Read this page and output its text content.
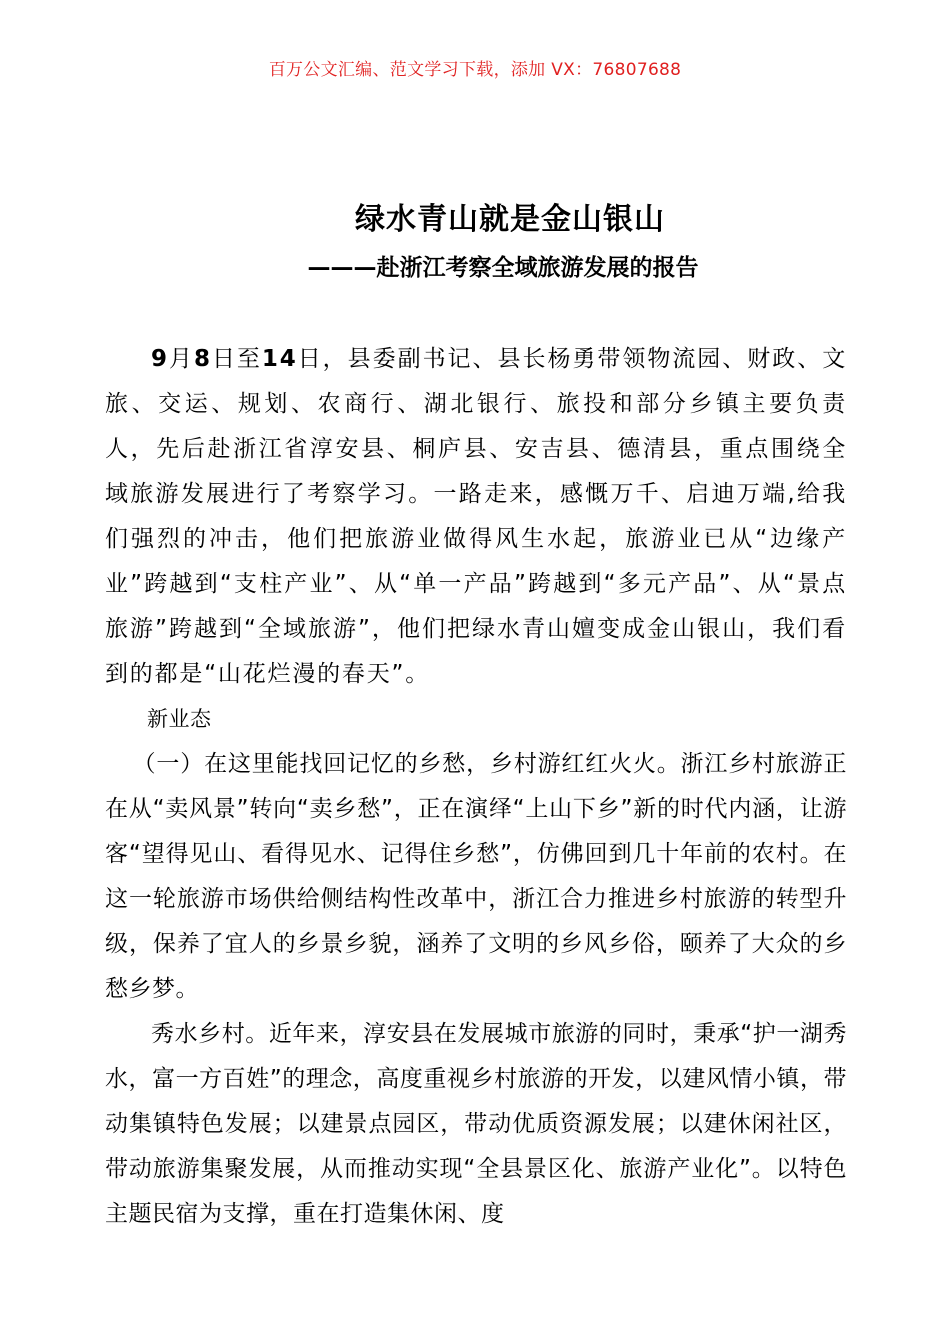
百万公文汇编、范文学习下载，添加 VX：76807688
绿水青山就是金山银山
———赴浙江考察全域旅游发展的报告

9月8日至14日，县委副书记、县长杨勇带领物流园、财政、文旅、交运、规划、农商行、湖北银行、旅投和部分乡镇主要负责人，先后赴浙江省淳安县、桐庐县、安吉县、德清县，重点围绕全域旅游发展进行了考察学习。一路走来，感慨万千、启迪万端,给我们强烈的冲击，他们把旅游业做得风生水起，旅游业已从“边缘产业”跨越到“支柱产业”、从“单一产品”跨越到“多元产品”、从“景点旅游”跨越到“全域旅游”，他们把绿水青山嬗变成金山银山，我们看到的都是“山花烂漫的春天”。

新业态

（一）在这里能找回记忆的乡愁，乡村游红红火火。浙江乡村旅游正在从“卖风景”转向“卖乡愁”，正在演绎“上山下乡”新的时代内涵，让游客“望得见山、看得见水、记得住乡愁”，仿佛回到几十年前的农村。在这一轮旅游市场供给侧结构性改革中，浙江合力推进乡村旅游的转型升级，保养了宜人的乡景乡貌，涵养了文明的乡风乡俗，颐养了大众的乡愁乡梦。

秀水乡村。近年来，淳安县在发展城市旅游的同时，秉承“护一湖秀水，富一方百姓”的理念，高度重视乡村旅游的开发，以建风情小镇，带动集镇特色发展；以建景点园区，带动优质资源发展；以建休闲社区，带动旅游集聚发展，从而推动实现“全县景区化、旅游产业化”。以特色主题民宿为支撑，重在打造集休闲、度
